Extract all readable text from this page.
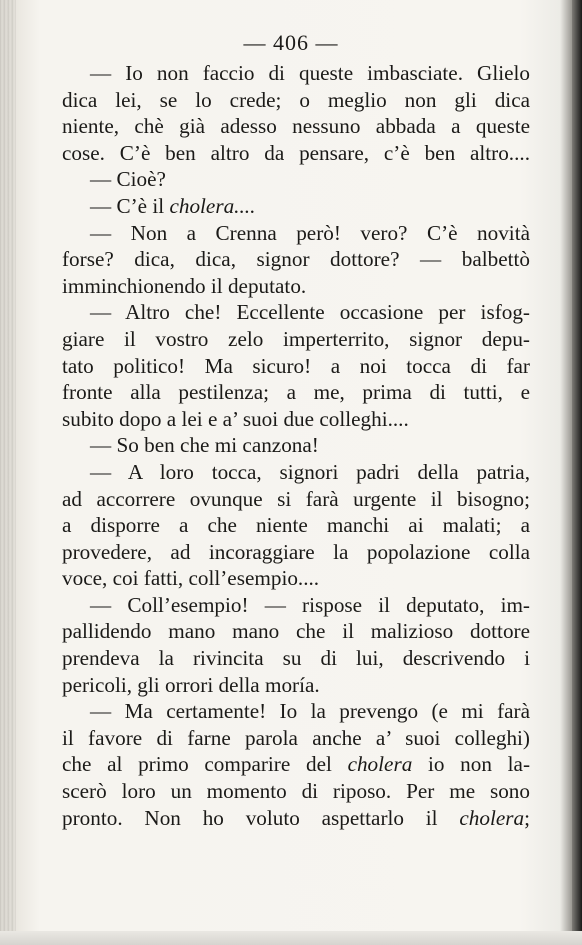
— 406 —
— Io non faccio di queste imbasciate. Glielo
dica lei, se lo crede; o meglio non gli dica
niente, chè già adesso nessuno abbada a queste
cose. C’è ben altro da pensare, c’è ben altro....
— Cioè?
— C’è il cholera....
— Non a Crenna però! vero? C’è novità
forse? dica, dica, signor dottore? — balbettò
imminchionendo il deputato.
— Altro che! Eccellente occasione per isfog-
giare il vostro zelo imperterrito, signor depu-
tato politico! Ma sicuro! a noi tocca di far
fronte alla pestilenza; a me, prima di tutti, e
subito dopo a lei e a’ suoi due colleghi....
— So ben che mi canzona!
— A loro tocca, signori padri della patria,
ad accorrere ovunque si farà urgente il bisogno;
a disporre a che niente manchi ai malati; a
provedere, ad incoraggiare la popolazione colla
voce, coi fatti, coll’esempio....
— Coll’esempio! — rispose il deputato, im-
pallidendo mano mano che il malizioso dottore
prendeva la rivincita su di lui, descrivendo i
pericoli, gli orrori della moría.
— Ma certamente! Io la prevengo (e mi farà
il favore di farne parola anche a’ suoi colleghi)
che al primo comparire del cholera io non la-
scerò loro un momento di riposo. Per me sono
pronto. Non ho voluto aspettarlo il cholera;
